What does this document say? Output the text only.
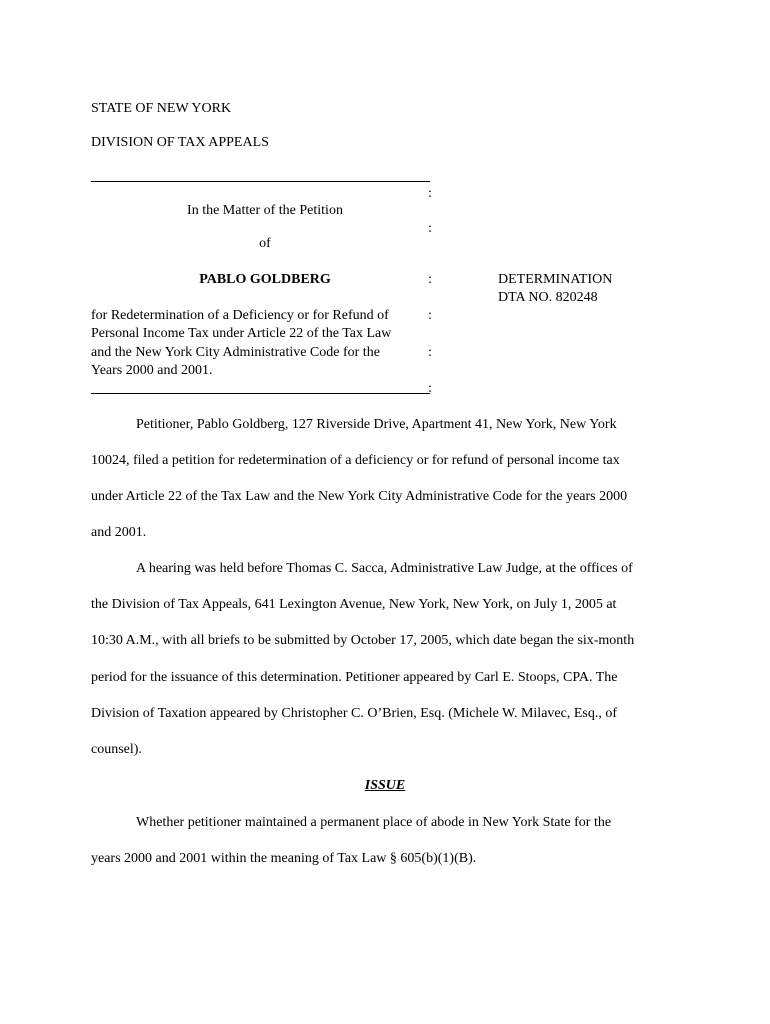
STATE OF NEW YORK
DIVISION OF TAX APPEALS
:
In the Matter of the Petition
:
of
PABLO GOLDBERG	:	DETERMINATION
DTA NO. 820248
for Redetermination of a Deficiency or for Refund of	:
Personal Income Tax under Article 22 of the Tax Law
and the New York City Administrative Code for the	:
Years 2000 and 2001.
:
Petitioner, Pablo Goldberg, 127 Riverside Drive, Apartment 41, New York, New York
10024, filed a petition for redetermination of a deficiency or for refund of personal income tax
under Article 22 of the Tax Law and the New York City Administrative Code for the years 2000
and 2001.
A hearing was held before Thomas C. Sacca, Administrative Law Judge, at the offices of
the Division of Tax Appeals, 641 Lexington Avenue, New York, New York, on July 1, 2005 at
10:30 A.M., with all briefs to be submitted by October 17, 2005, which date began the six-month
period for the issuance of this determination. Petitioner appeared by Carl E. Stoops, CPA. The
Division of Taxation appeared by Christopher C. O’Brien, Esq. (Michele W. Milavec, Esq., of
counsel).
ISSUE
Whether petitioner maintained a permanent place of abode in New York State for the
years 2000 and 2001 within the meaning of Tax Law § 605(b)(1)(B).
